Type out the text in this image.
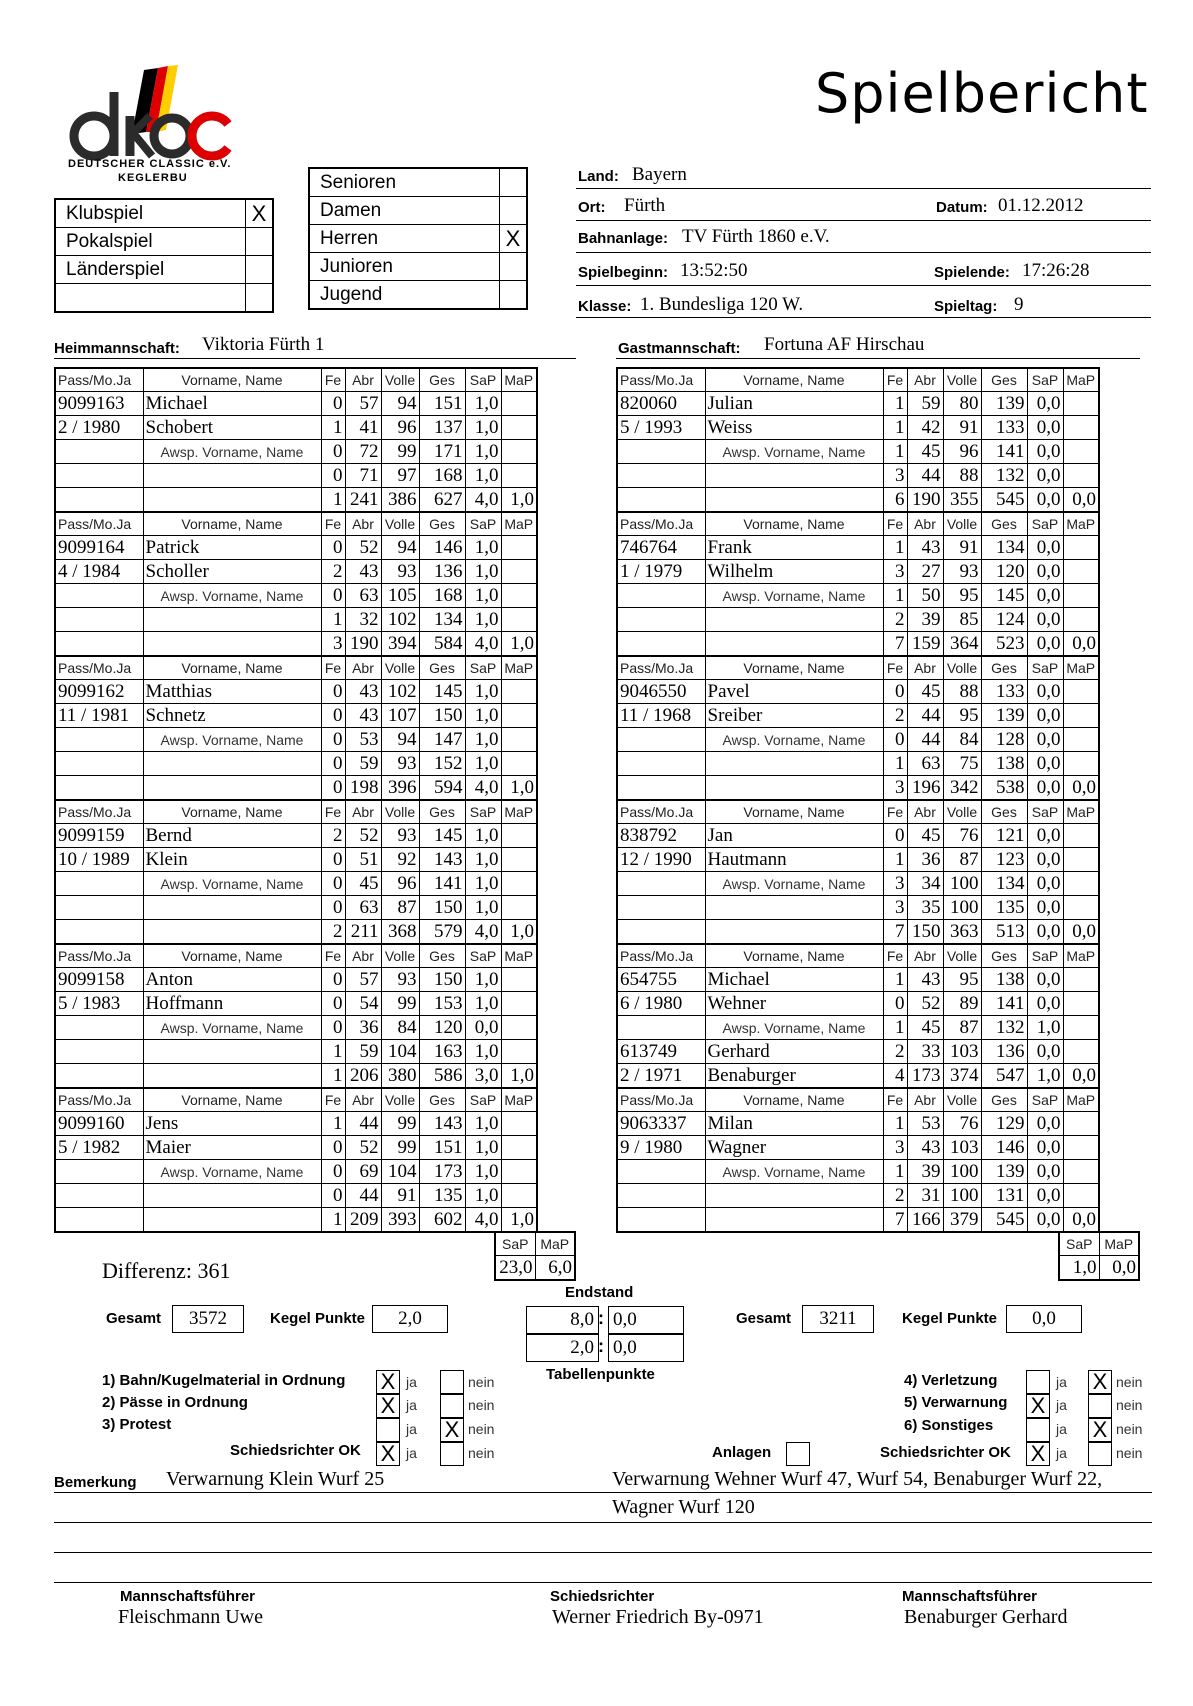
DEUTSCHER CLASSIC e.V.
KEGLERBU
Spielbericht
Klubspiel	X
Pokalspiel	
Länderspiel	

Senioren	
Damen	
Herren	X
Junioren	
Jugend	
Land: Bayern
Ort: Fürth	Datum: 01.12.2012
Bahnanlage: TV Fürth 1860 e.V.
Spielbeginn: 13:52:50	Spielende: 17:26:28
Klasse: 1. Bundesliga 120 W.	Spieltag: 9
Heimmannschaft: Viktoria Fürth 1	Gastmannschaft: Fortuna AF Hirschau
Pass/Mo.Ja	Vorname, Name	Fe	Abr	Volle	Ges	SaP	MaP
9099163	Michael	0	57	94	151	1,0	
2 / 1980	Schobert	1	41	96	137	1,0	
	Awsp. Vorname, Name	0	72	99	171	1,0	
		0	71	97	168	1,0	
		1	241	386	627	4,0	1,0
Pass/Mo.Ja	Vorname, Name	Fe	Abr	Volle	Ges	SaP	MaP
9099164	Patrick	0	52	94	146	1,0	
4 / 1984	Scholler	2	43	93	136	1,0	
	Awsp. Vorname, Name	0	63	105	168	1,0	
		1	32	102	134	1,0	
		3	190	394	584	4,0	1,0
Pass/Mo.Ja	Vorname, Name	Fe	Abr	Volle	Ges	SaP	MaP
9099162	Matthias	0	43	102	145	1,0	
11 / 1981	Schnetz	0	43	107	150	1,0	
	Awsp. Vorname, Name	0	53	94	147	1,0	
		0	59	93	152	1,0	
		0	198	396	594	4,0	1,0
Pass/Mo.Ja	Vorname, Name	Fe	Abr	Volle	Ges	SaP	MaP
9099159	Bernd	2	52	93	145	1,0	
10 / 1989	Klein	0	51	92	143	1,0	
	Awsp. Vorname, Name	0	45	96	141	1,0	
		0	63	87	150	1,0	
		2	211	368	579	4,0	1,0
Pass/Mo.Ja	Vorname, Name	Fe	Abr	Volle	Ges	SaP	MaP
9099158	Anton	0	57	93	150	1,0	
5 / 1983	Hoffmann	0	54	99	153	1,0	
	Awsp. Vorname, Name	0	36	84	120	0,0	
		1	59	104	163	1,0	
		1	206	380	586	3,0	1,0
Pass/Mo.Ja	Vorname, Name	Fe	Abr	Volle	Ges	SaP	MaP
9099160	Jens	1	44	99	143	1,0	
5 / 1982	Maier	0	52	99	151	1,0	
	Awsp. Vorname, Name	0	69	104	173	1,0	
		0	44	91	135	1,0	
		1	209	393	602	4,0	1,0
Pass/Mo.Ja	Vorname, Name	Fe	Abr	Volle	Ges	SaP	MaP
820060	Julian	1	59	80	139	0,0	
5 / 1993	Weiss	1	42	91	133	0,0	
	Awsp. Vorname, Name	1	45	96	141	0,0	
		3	44	88	132	0,0	
		6	190	355	545	0,0	0,0
Pass/Mo.Ja	Vorname, Name	Fe	Abr	Volle	Ges	SaP	MaP
746764	Frank	1	43	91	134	0,0	
1 / 1979	Wilhelm	3	27	93	120	0,0	
	Awsp. Vorname, Name	1	50	95	145	0,0	
		2	39	85	124	0,0	
		7	159	364	523	0,0	0,0
Pass/Mo.Ja	Vorname, Name	Fe	Abr	Volle	Ges	SaP	MaP
9046550	Pavel	0	45	88	133	0,0	
11 / 1968	Sreiber	2	44	95	139	0,0	
	Awsp. Vorname, Name	0	44	84	128	0,0	
		1	63	75	138	0,0	
		3	196	342	538	0,0	0,0
Pass/Mo.Ja	Vorname, Name	Fe	Abr	Volle	Ges	SaP	MaP
838792	Jan	0	45	76	121	0,0	
12 / 1990	Hautmann	1	36	87	123	0,0	
	Awsp. Vorname, Name	3	34	100	134	0,0	
		3	35	100	135	0,0	
		7	150	363	513	0,0	0,0
Pass/Mo.Ja	Vorname, Name	Fe	Abr	Volle	Ges	SaP	MaP
654755	Michael	1	43	95	138	0,0	
6 / 1980	Wehner	0	52	89	141	0,0	
	Awsp. Vorname, Name	1	45	87	132	1,0	
613749	Gerhard	2	33	103	136	0,0	
2 / 1971	Benaburger	4	173	374	547	1,0	0,0
Pass/Mo.Ja	Vorname, Name	Fe	Abr	Volle	Ges	SaP	MaP
9063337	Milan	1	53	76	129	0,0	
9 / 1980	Wagner	3	43	103	146	0,0	
	Awsp. Vorname, Name	1	39	100	139	0,0	
		2	31	100	131	0,0	
		7	166	379	545	0,0	0,0
SaP	MaP
23,0	6,0
SaP	MaP
1,0	0,0
Differenz: 361
Endstand
Gesamt	3572	Kegel Punkte	2,0	8,0 : 0,0
2,0 : 0,0
Tabellenpunkte
Gesamt	3211	Kegel Punkte	0,0
1) Bahn/Kugelmaterial in Ordnung
2) Pässe in Ordnung
3) Protest
Schiedsrichter OK
X ja	nein
X ja	nein
ja X nein
X ja	nein	Anlagen
4) Verletzung
5) Verwarnung
6) Sonstiges
Schiedsrichter OK
ja X nein
X ja	nein
ja X nein
X ja	nein
Bemerkung Verwarnung Klein Wurf 25	Verwarnung Wehner Wurf 47, Wurf 54, Benaburger Wurf 22,
Wagner Wurf 120
Mannschaftsführer
Fleischmann Uwe
Schiedsrichter
Werner Friedrich By-0971
Mannschaftsführer
Benaburger Gerhard
